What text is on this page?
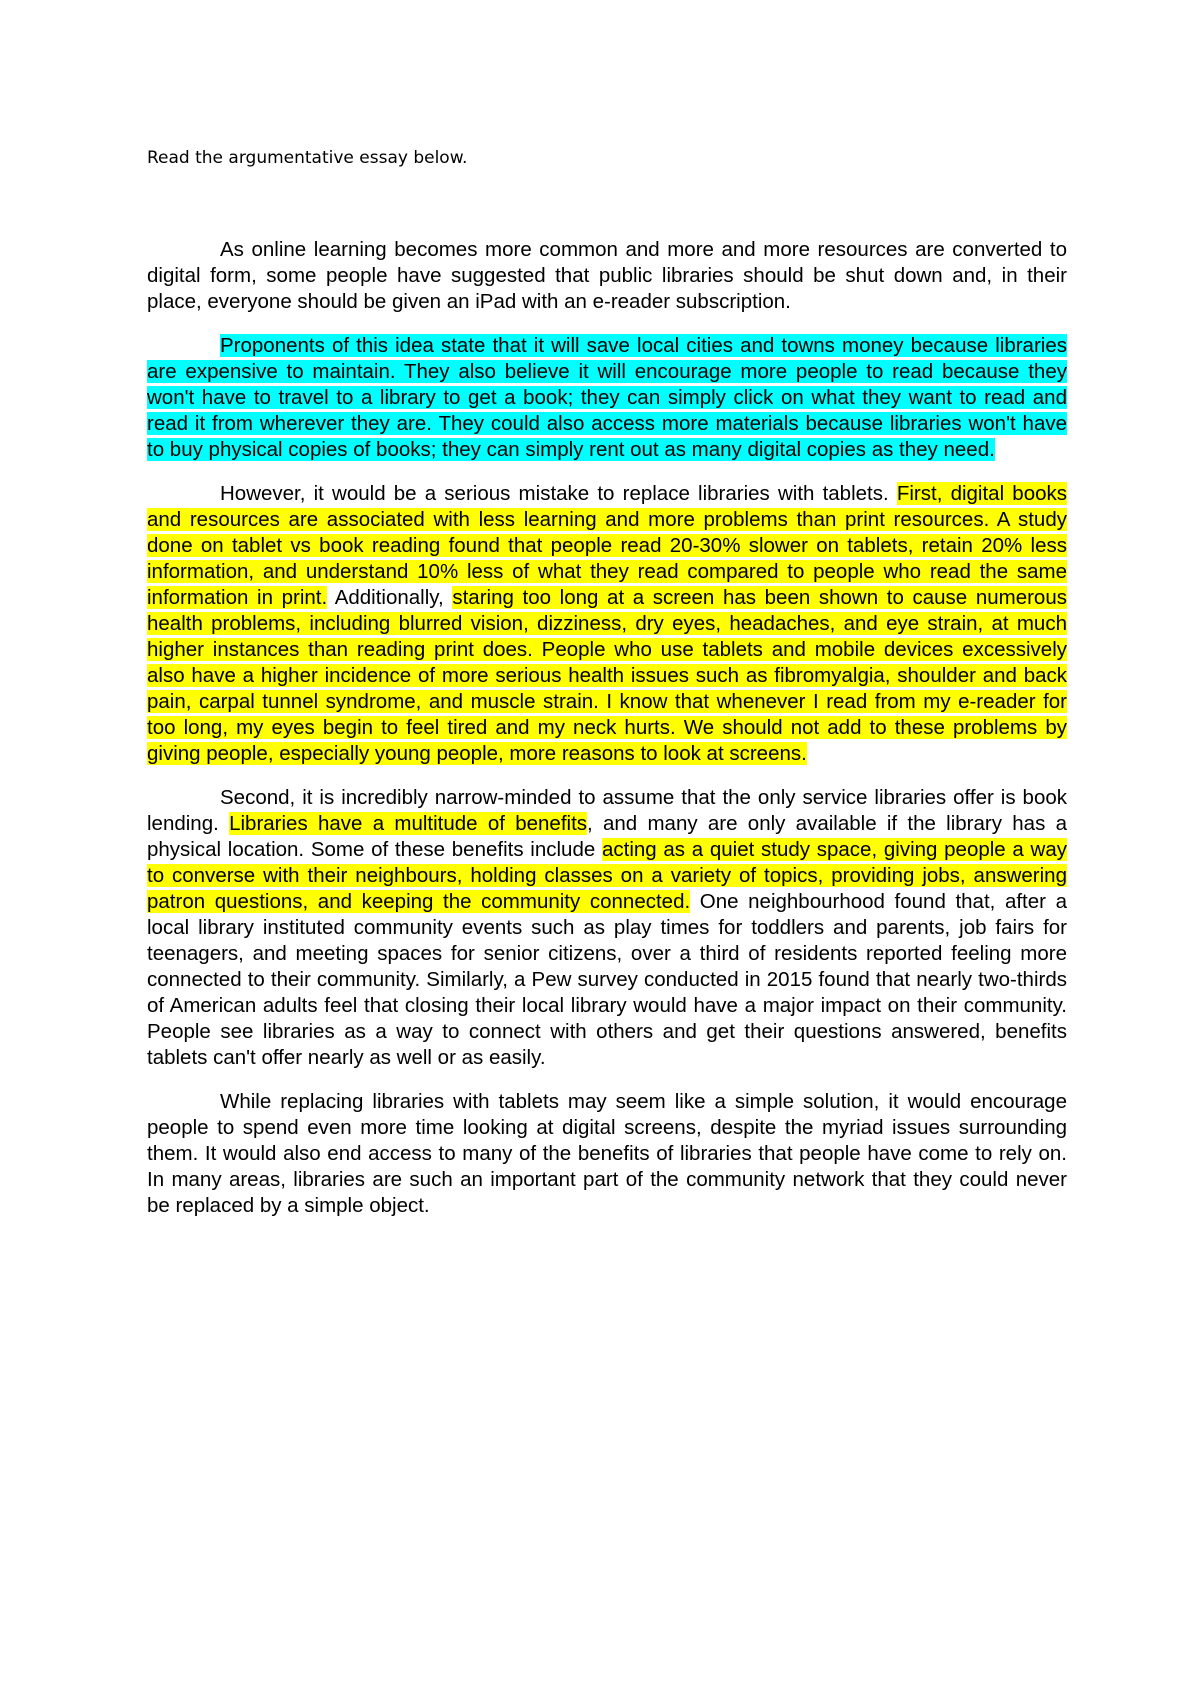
Read the argumentative essay below.

As online learning becomes more common and more and more resources are converted to digital form, some people have suggested that public libraries should be shut down and, in their place, everyone should be given an iPad with an e-reader subscription.

Proponents of this idea state that it will save local cities and towns money because libraries are expensive to maintain. They also believe it will encourage more people to read because they won't have to travel to a library to get a book; they can simply click on what they want to read and read it from wherever they are. They could also access more materials because libraries won't have to buy physical copies of books; they can simply rent out as many digital copies as they need.

However, it would be a serious mistake to replace libraries with tablets. First, digital books and resources are associated with less learning and more problems than print resources. A study done on tablet vs book reading found that people read 20-30% slower on tablets, retain 20% less information, and understand 10% less of what they read compared to people who read the same information in print. Additionally, staring too long at a screen has been shown to cause numerous health problems, including blurred vision, dizziness, dry eyes, headaches, and eye strain, at much higher instances than reading print does. People who use tablets and mobile devices excessively also have a higher incidence of more serious health issues such as fibromyalgia, shoulder and back pain, carpal tunnel syndrome, and muscle strain. I know that whenever I read from my e-reader for too long, my eyes begin to feel tired and my neck hurts. We should not add to these problems by giving people, especially young people, more reasons to look at screens.

Second, it is incredibly narrow-minded to assume that the only service libraries offer is book lending. Libraries have a multitude of benefits, and many are only available if the library has a physical location. Some of these benefits include acting as a quiet study space, giving people a way to converse with their neighbours, holding classes on a variety of topics, providing jobs, answering patron questions, and keeping the community connected. One neighbourhood found that, after a local library instituted community events such as play times for toddlers and parents, job fairs for teenagers, and meeting spaces for senior citizens, over a third of residents reported feeling more connected to their community. Similarly, a Pew survey conducted in 2015 found that nearly two-thirds of American adults feel that closing their local library would have a major impact on their community. People see libraries as a way to connect with others and get their questions answered, benefits tablets can't offer nearly as well or as easily.

While replacing libraries with tablets may seem like a simple solution, it would encourage people to spend even more time looking at digital screens, despite the myriad issues surrounding them. It would also end access to many of the benefits of libraries that people have come to rely on. In many areas, libraries are such an important part of the community network that they could never be replaced by a simple object.
